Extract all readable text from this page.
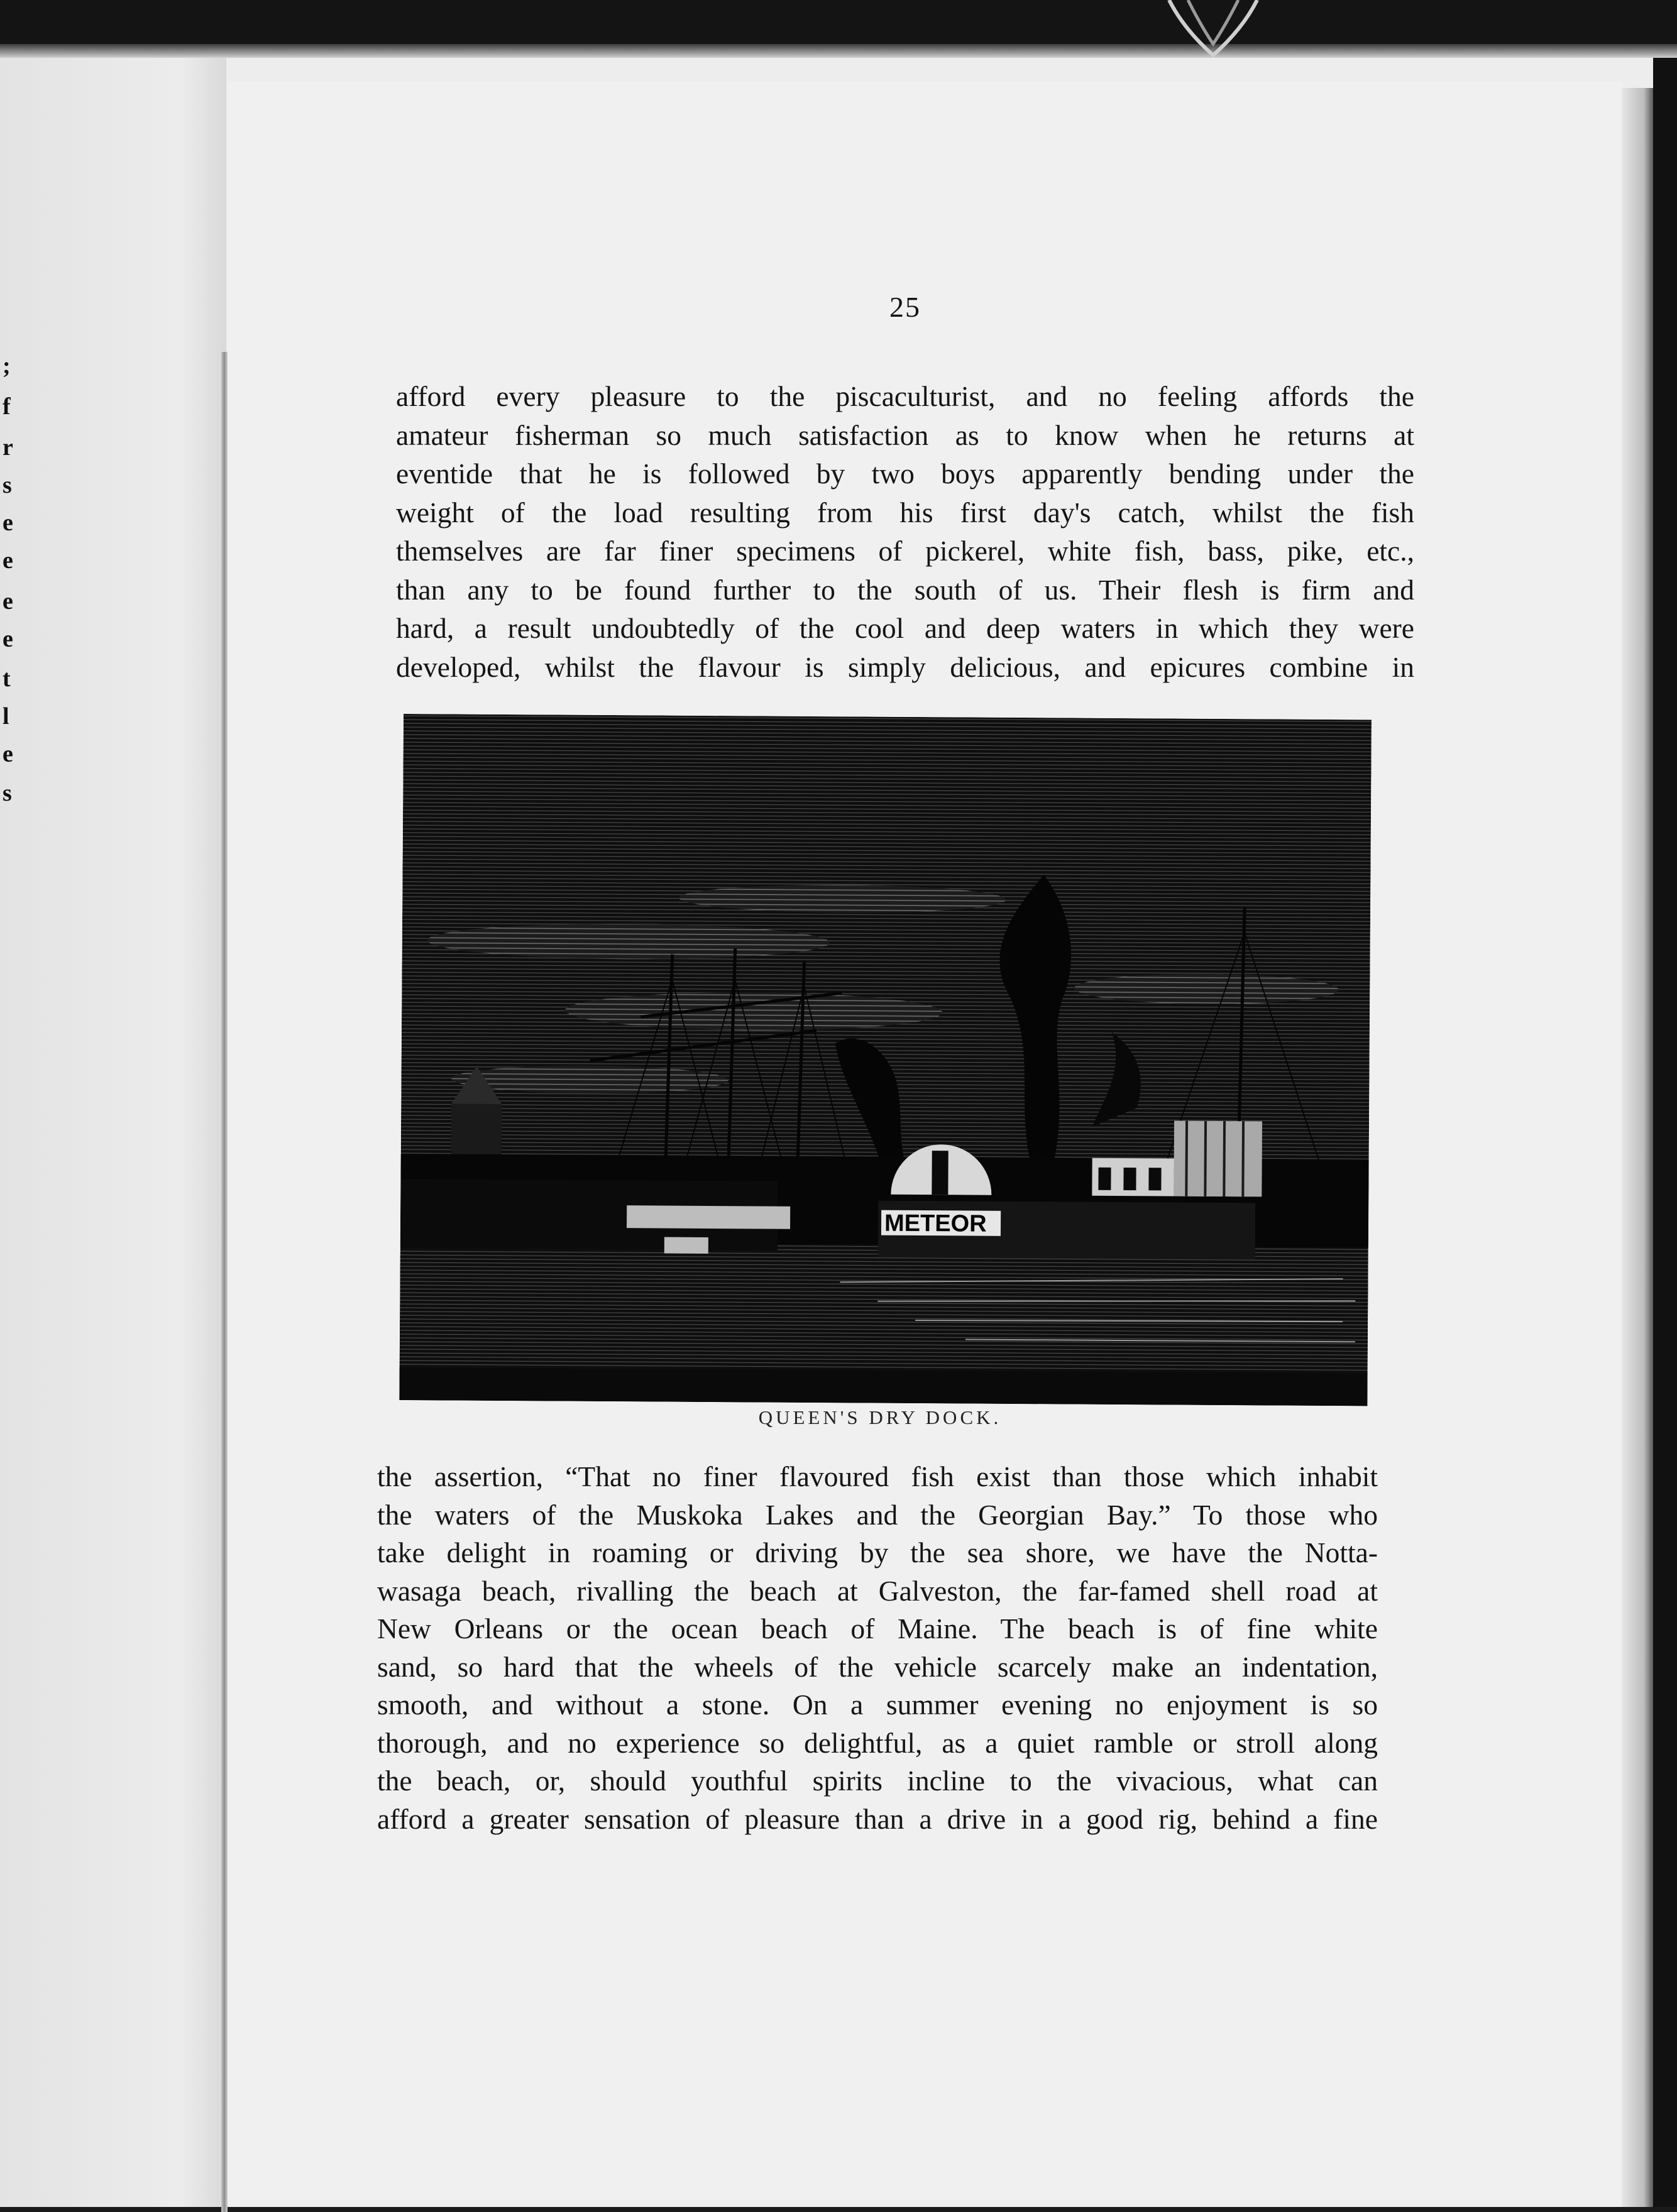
;
f
r
s
e
e
e
e
t
l
e
s
25
afford every pleasure to the piscaculturist, and no feeling affords the
amateur fisherman so much satisfaction as to know when he returns at
eventide that he is followed by two boys apparently bending under the
weight of the load resulting from his first day's catch, whilst the fish
themselves are far finer specimens of pickerel, white fish, bass, pike, etc.,
than any to be found further to the south of us. Their flesh is firm and
hard, a result undoubtedly of the cool and deep waters in which they were
developed, whilst the flavour is simply delicious, and epicures combine in
METEOR
QUEEN'S DRY DOCK.
the assertion, “That no finer flavoured fish exist than those which inhabit
the waters of the Muskoka Lakes and the Georgian Bay.” To those who
take delight in roaming or driving by the sea shore, we have the Notta-
wasaga beach, rivalling the beach at Galveston, the far-famed shell road at
New Orleans or the ocean beach of Maine. The beach is of fine white
sand, so hard that the wheels of the vehicle scarcely make an indentation,
smooth, and without a stone. On a summer evening no enjoyment is so
thorough, and no experience so delightful, as a quiet ramble or stroll along
the beach, or, should youthful spirits incline to the vivacious, what can
afford a greater sensation of pleasure than a drive in a good rig, behind a fine
